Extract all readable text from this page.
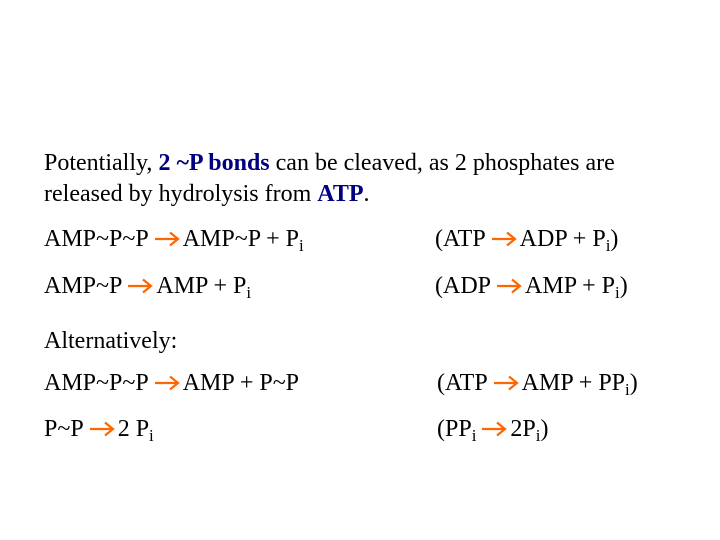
Potentially, 2 ~P bonds can be cleaved, as 2 phosphates are released by hydrolysis from ATP.
AMP~P~P → AMP~P + $P_i$	(ATP → ADP + $P_i$)
AMP~P → AMP + $P_i$	(ADP → AMP + $P_i$)
Alternatively:
AMP~P~P → AMP + P~P	(ATP → AMP + $PP_i$)
P~P → 2 $P_i$	$(PP_i \to 2P_i)$
